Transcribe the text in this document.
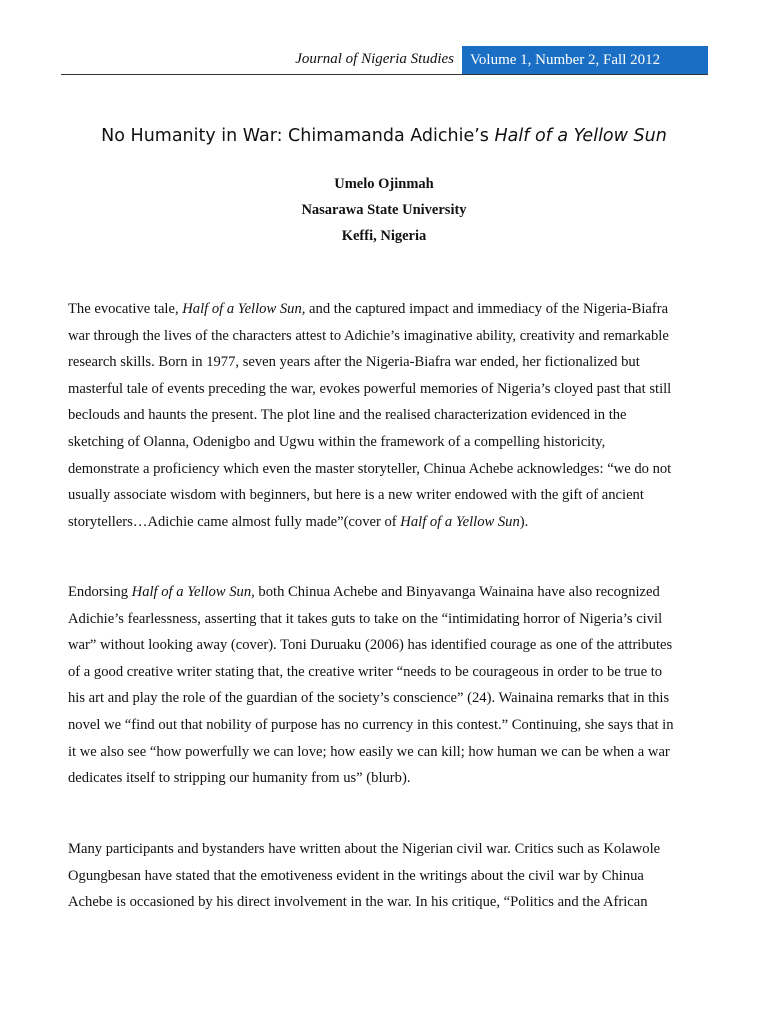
Journal of Nigeria Studies	Volume 1, Number 2, Fall 2012
No Humanity in War: Chimamanda Adichie’s Half of a Yellow Sun
Umelo Ojinmah
Nasarawa State University
Keffi, Nigeria
The evocative tale, Half of a Yellow Sun, and the captured impact and immediacy of the Nigeria-Biafra
war through the lives of the characters attest to Adichie’s imaginative ability, creativity and remarkable
research skills. Born in 1977, seven years after the Nigeria-Biafra war ended, her fictionalized but
masterful tale of events preceding the war, evokes powerful memories of Nigeria’s cloyed past that still
beclouds and haunts the present. The plot line and the realised characterization evidenced in the
sketching of Olanna, Odenigbo and Ugwu within the framework of a compelling historicity,
demonstrate a proficiency which even the master storyteller, Chinua Achebe acknowledges: “we do not
usually associate wisdom with beginners, but here is a new writer endowed with the gift of ancient
storytellers…Adichie came almost fully made”(cover of Half of a Yellow Sun).
Endorsing Half of a Yellow Sun, both Chinua Achebe and Binyavanga Wainaina have also recognized
Adichie’s fearlessness, asserting that it takes guts to take on the “intimidating horror of Nigeria’s civil
war” without looking away (cover). Toni Duruaku (2006) has identified courage as one of the attributes
of a good creative writer stating that, the creative writer “needs to be courageous in order to be true to
his art and play the role of the guardian of the society’s conscience” (24). Wainaina remarks that in this
novel we “find out that nobility of purpose has no currency in this contest.” Continuing, she says that in
it we also see “how powerfully we can love; how easily we can kill; how human we can be when a war
dedicates itself to stripping our humanity from us” (blurb).
Many participants and bystanders have written about the Nigerian civil war. Critics such as Kolawole
Ogungbesan have stated that the emotiveness evident in the writings about the civil war by Chinua
Achebe is occasioned by his direct involvement in the war. In his critique, “Politics and the African
